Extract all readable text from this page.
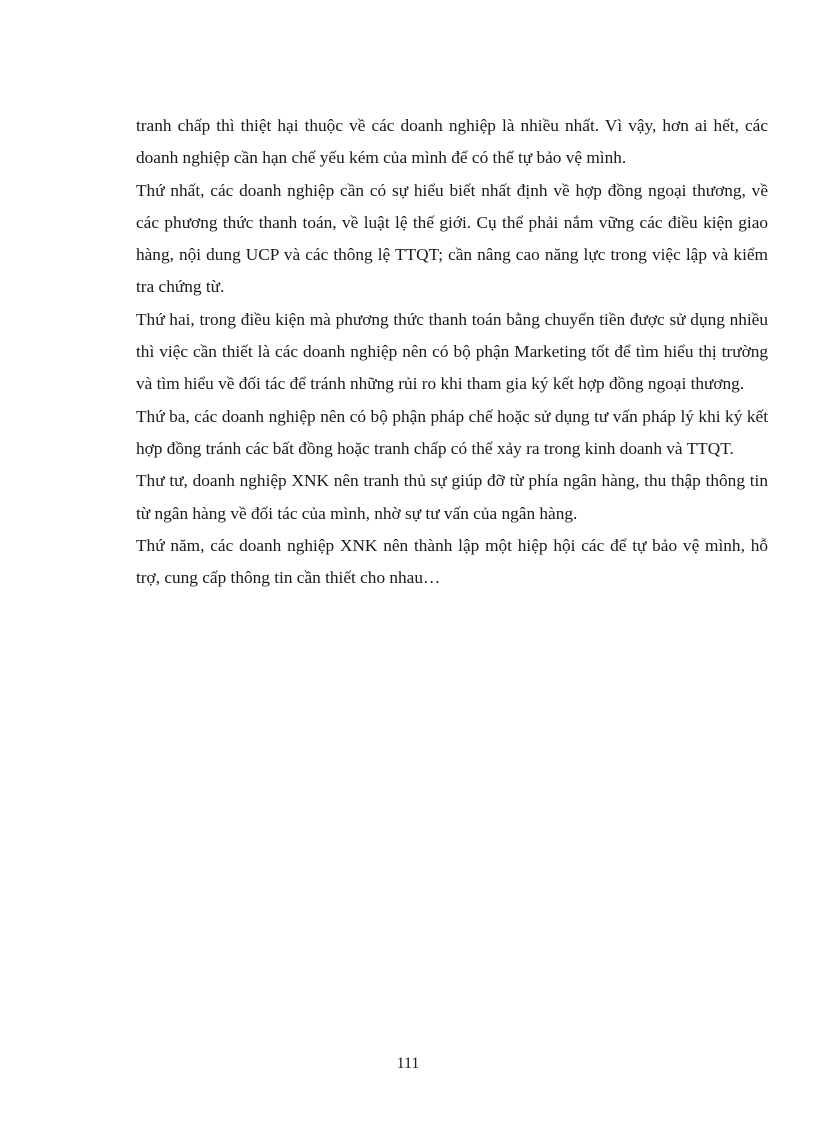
tranh chấp thì thiệt hại thuộc về các doanh nghiệp là nhiều nhất. Vì vậy, hơn ai hết, các doanh nghiệp cần hạn chế yếu kém của mình để có thể tự bảo vệ mình.

Thứ nhất, các doanh nghiệp cần có sự hiểu biết nhất định về hợp đồng ngoại thương, về các phương thức thanh toán, về luật lệ thế giới. Cụ thể phải nắm vững các điều kiện giao hàng, nội dung UCP và các thông lệ TTQT; cần nâng cao năng lực trong việc lập và kiểm tra chứng từ.

Thứ hai, trong điều kiện mà phương thức thanh toán bằng chuyển tiền được sử dụng nhiều thì việc cần thiết là các doanh nghiệp nên có bộ phận Marketing tốt để tìm hiểu thị trường và tìm hiểu về đối tác để tránh những rủi ro khi tham gia ký kết hợp đồng ngoại thương.

Thứ ba, các doanh nghiệp nên có bộ phận pháp chế hoặc sử dụng tư vấn pháp lý khi ký kết hợp đồng tránh các bất đồng hoặc tranh chấp có thể xảy ra trong kinh doanh và TTQT.

Thư tư, doanh nghiệp XNK nên tranh thủ sự giúp đỡ từ phía ngân hàng, thu thập thông tin từ ngân hàng về đối tác của mình, nhờ sự tư vấn của ngân hàng.

Thứ năm, các doanh nghiệp XNK nên thành lập một hiệp hội các để tự bảo vệ mình, hỗ trợ, cung cấp thông tin cần thiết cho nhau…

111
